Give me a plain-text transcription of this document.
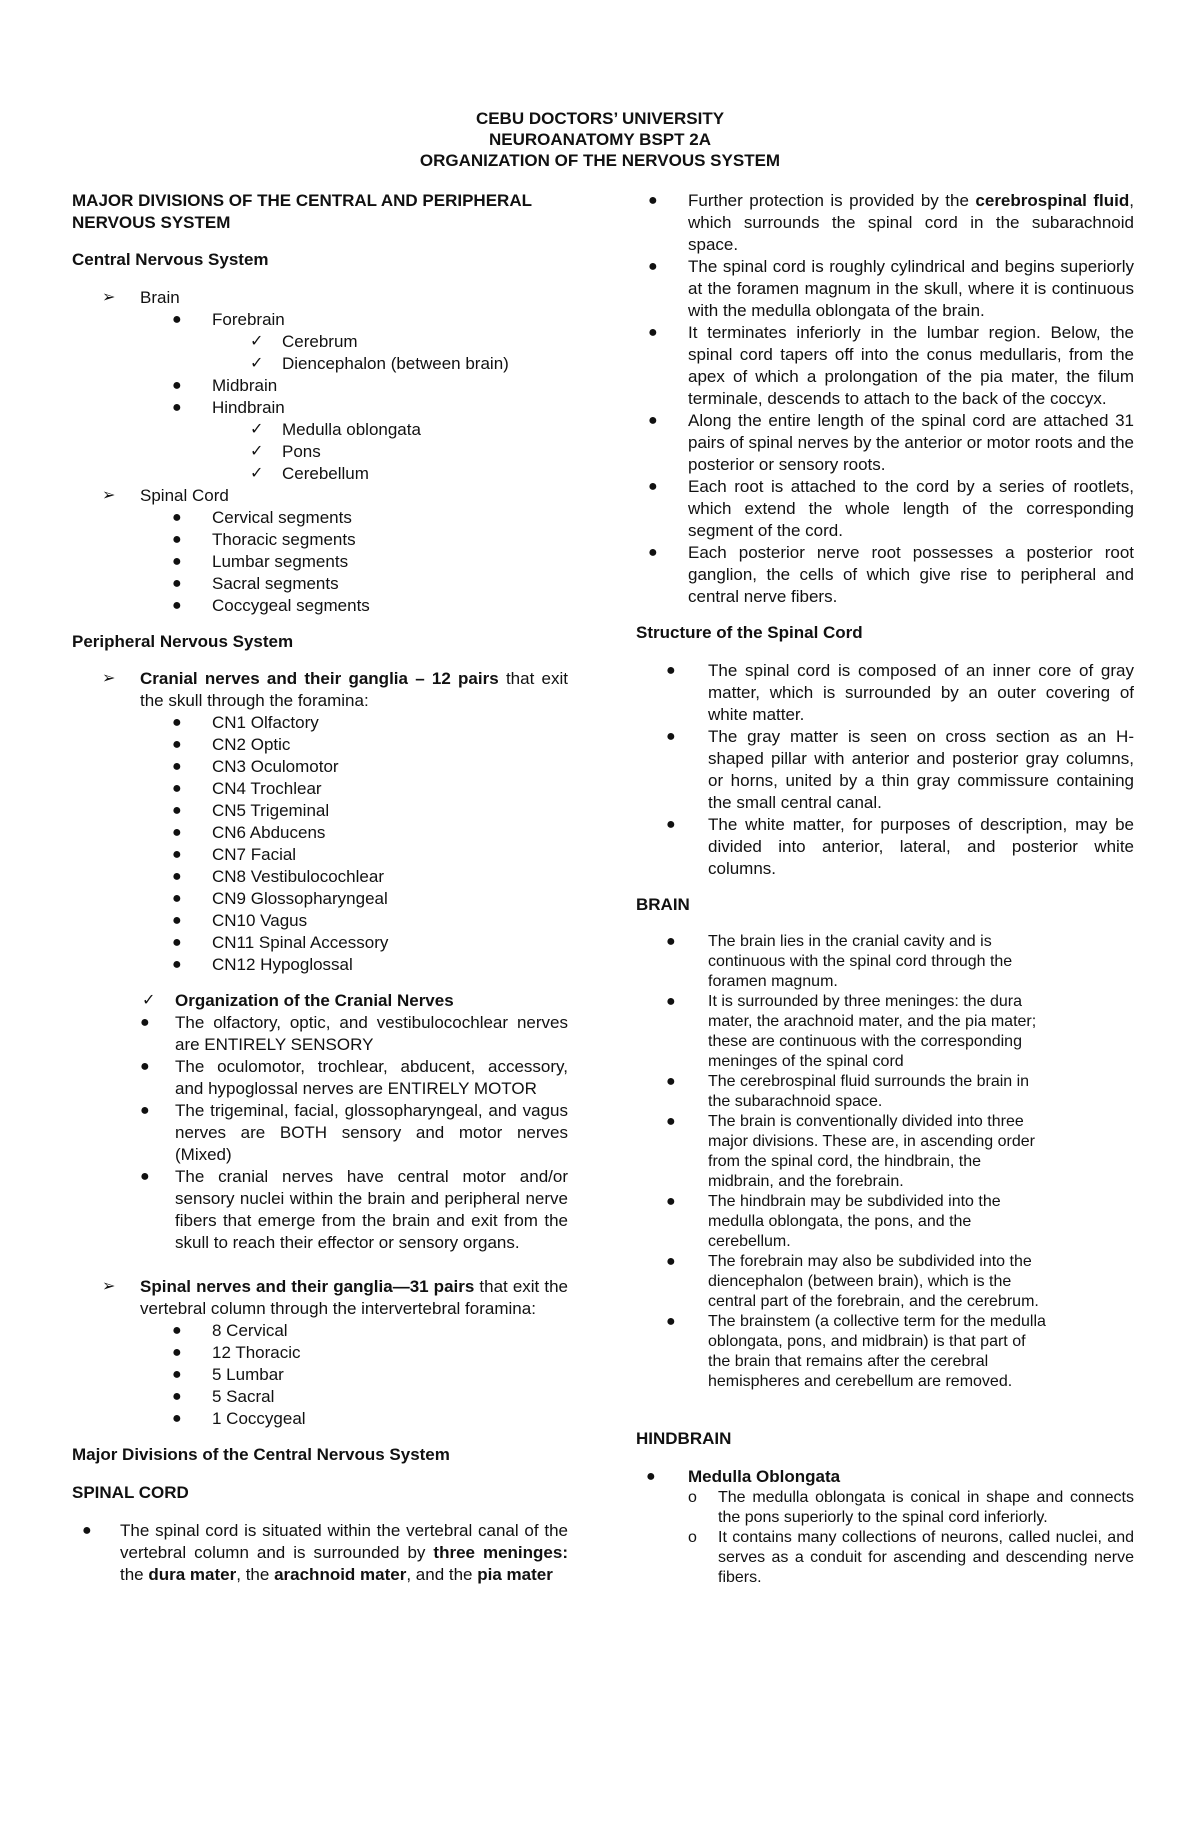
CEBU DOCTORS’ UNIVERSITY
NEUROANATOMY BSPT 2A
ORGANIZATION OF THE NERVOUS SYSTEM

MAJOR DIVISIONS OF THE CENTRAL AND PERIPHERAL NERVOUS SYSTEM

Central Nervous System

➢ Brain
● Forebrain
✓ Cerebrum
✓ Diencephalon (between brain)
● Midbrain
● Hindbrain
✓ Medulla oblongata
✓ Pons
✓ Cerebellum
➢ Spinal Cord
● Cervical segments
● Thoracic segments
● Lumbar segments
● Sacral segments
● Coccygeal segments

Peripheral Nervous System

➢ Cranial nerves and their ganglia – 12 pairs that exit the skull through the foramina:
● CN1 Olfactory
● CN2 Optic
● CN3 Oculomotor
● CN4 Trochlear
● CN5 Trigeminal
● CN6 Abducens
● CN7 Facial
● CN8 Vestibulocochlear
● CN9 Glossopharyngeal
● CN10 Vagus
● CN11 Spinal Accessory
● CN12 Hypoglossal
✓ Organization of the Cranial Nerves
● The olfactory, optic, and vestibulocochlear nerves are ENTIRELY SENSORY
● The oculomotor, trochlear, abducent, accessory, and hypoglossal nerves are ENTIRELY MOTOR
● The trigeminal, facial, glossopharyngeal, and vagus nerves are BOTH sensory and motor nerves (Mixed)
● The cranial nerves have central motor and/or sensory nuclei within the brain and peripheral nerve fibers that emerge from the brain and exit from the skull to reach their effector or sensory organs.
➢ Spinal nerves and their ganglia—31 pairs that exit the vertebral column through the intervertebral foramina:
● 8 Cervical
● 12 Thoracic
● 5 Lumbar
● 5 Sacral
● 1 Coccygeal

Major Divisions of the Central Nervous System

SPINAL CORD

● The spinal cord is situated within the vertebral canal of the vertebral column and is surrounded by three meninges: the dura mater, the arachnoid mater, and the pia mater
● Further protection is provided by the cerebrospinal fluid, which surrounds the spinal cord in the subarachnoid space.
● The spinal cord is roughly cylindrical and begins superiorly at the foramen magnum in the skull, where it is continuous with the medulla oblongata of the brain.
● It terminates inferiorly in the lumbar region. Below, the spinal cord tapers off into the conus medullaris, from the apex of which a prolongation of the pia mater, the filum terminale, descends to attach to the back of the coccyx.
● Along the entire length of the spinal cord are attached 31 pairs of spinal nerves by the anterior or motor roots and the posterior or sensory roots.
● Each root is attached to the cord by a series of rootlets, which extend the whole length of the corresponding segment of the cord.
● Each posterior nerve root possesses a posterior root ganglion, the cells of which give rise to peripheral and central nerve fibers.

Structure of the Spinal Cord

● The spinal cord is composed of an inner core of gray matter, which is surrounded by an outer covering of white matter.
● The gray matter is seen on cross section as an H-shaped pillar with anterior and posterior gray columns, or horns, united by a thin gray commissure containing the small central canal.
● The white matter, for purposes of description, may be divided into anterior, lateral, and posterior white columns.

BRAIN

● The brain lies in the cranial cavity and is continuous with the spinal cord through the foramen magnum.
● It is surrounded by three meninges: the dura mater, the arachnoid mater, and the pia mater; these are continuous with the corresponding meninges of the spinal cord
● The cerebrospinal fluid surrounds the brain in the subarachnoid space.
● The brain is conventionally divided into three major divisions. These are, in ascending order from the spinal cord, the hindbrain, the midbrain, and the forebrain.
● The hindbrain may be subdivided into the medulla oblongata, the pons, and the cerebellum.
● The forebrain may also be subdivided into the diencephalon (between brain), which is the central part of the forebrain, and the cerebrum.
● The brainstem (a collective term for the medulla oblongata, pons, and midbrain) is that part of the brain that remains after the cerebral hemispheres and cerebellum are removed.

HINDBRAIN

● Medulla Oblongata
o The medulla oblongata is conical in shape and connects the pons superiorly to the spinal cord inferiorly.
o It contains many collections of neurons, called nuclei, and serves as a conduit for ascending and descending nerve fibers.
